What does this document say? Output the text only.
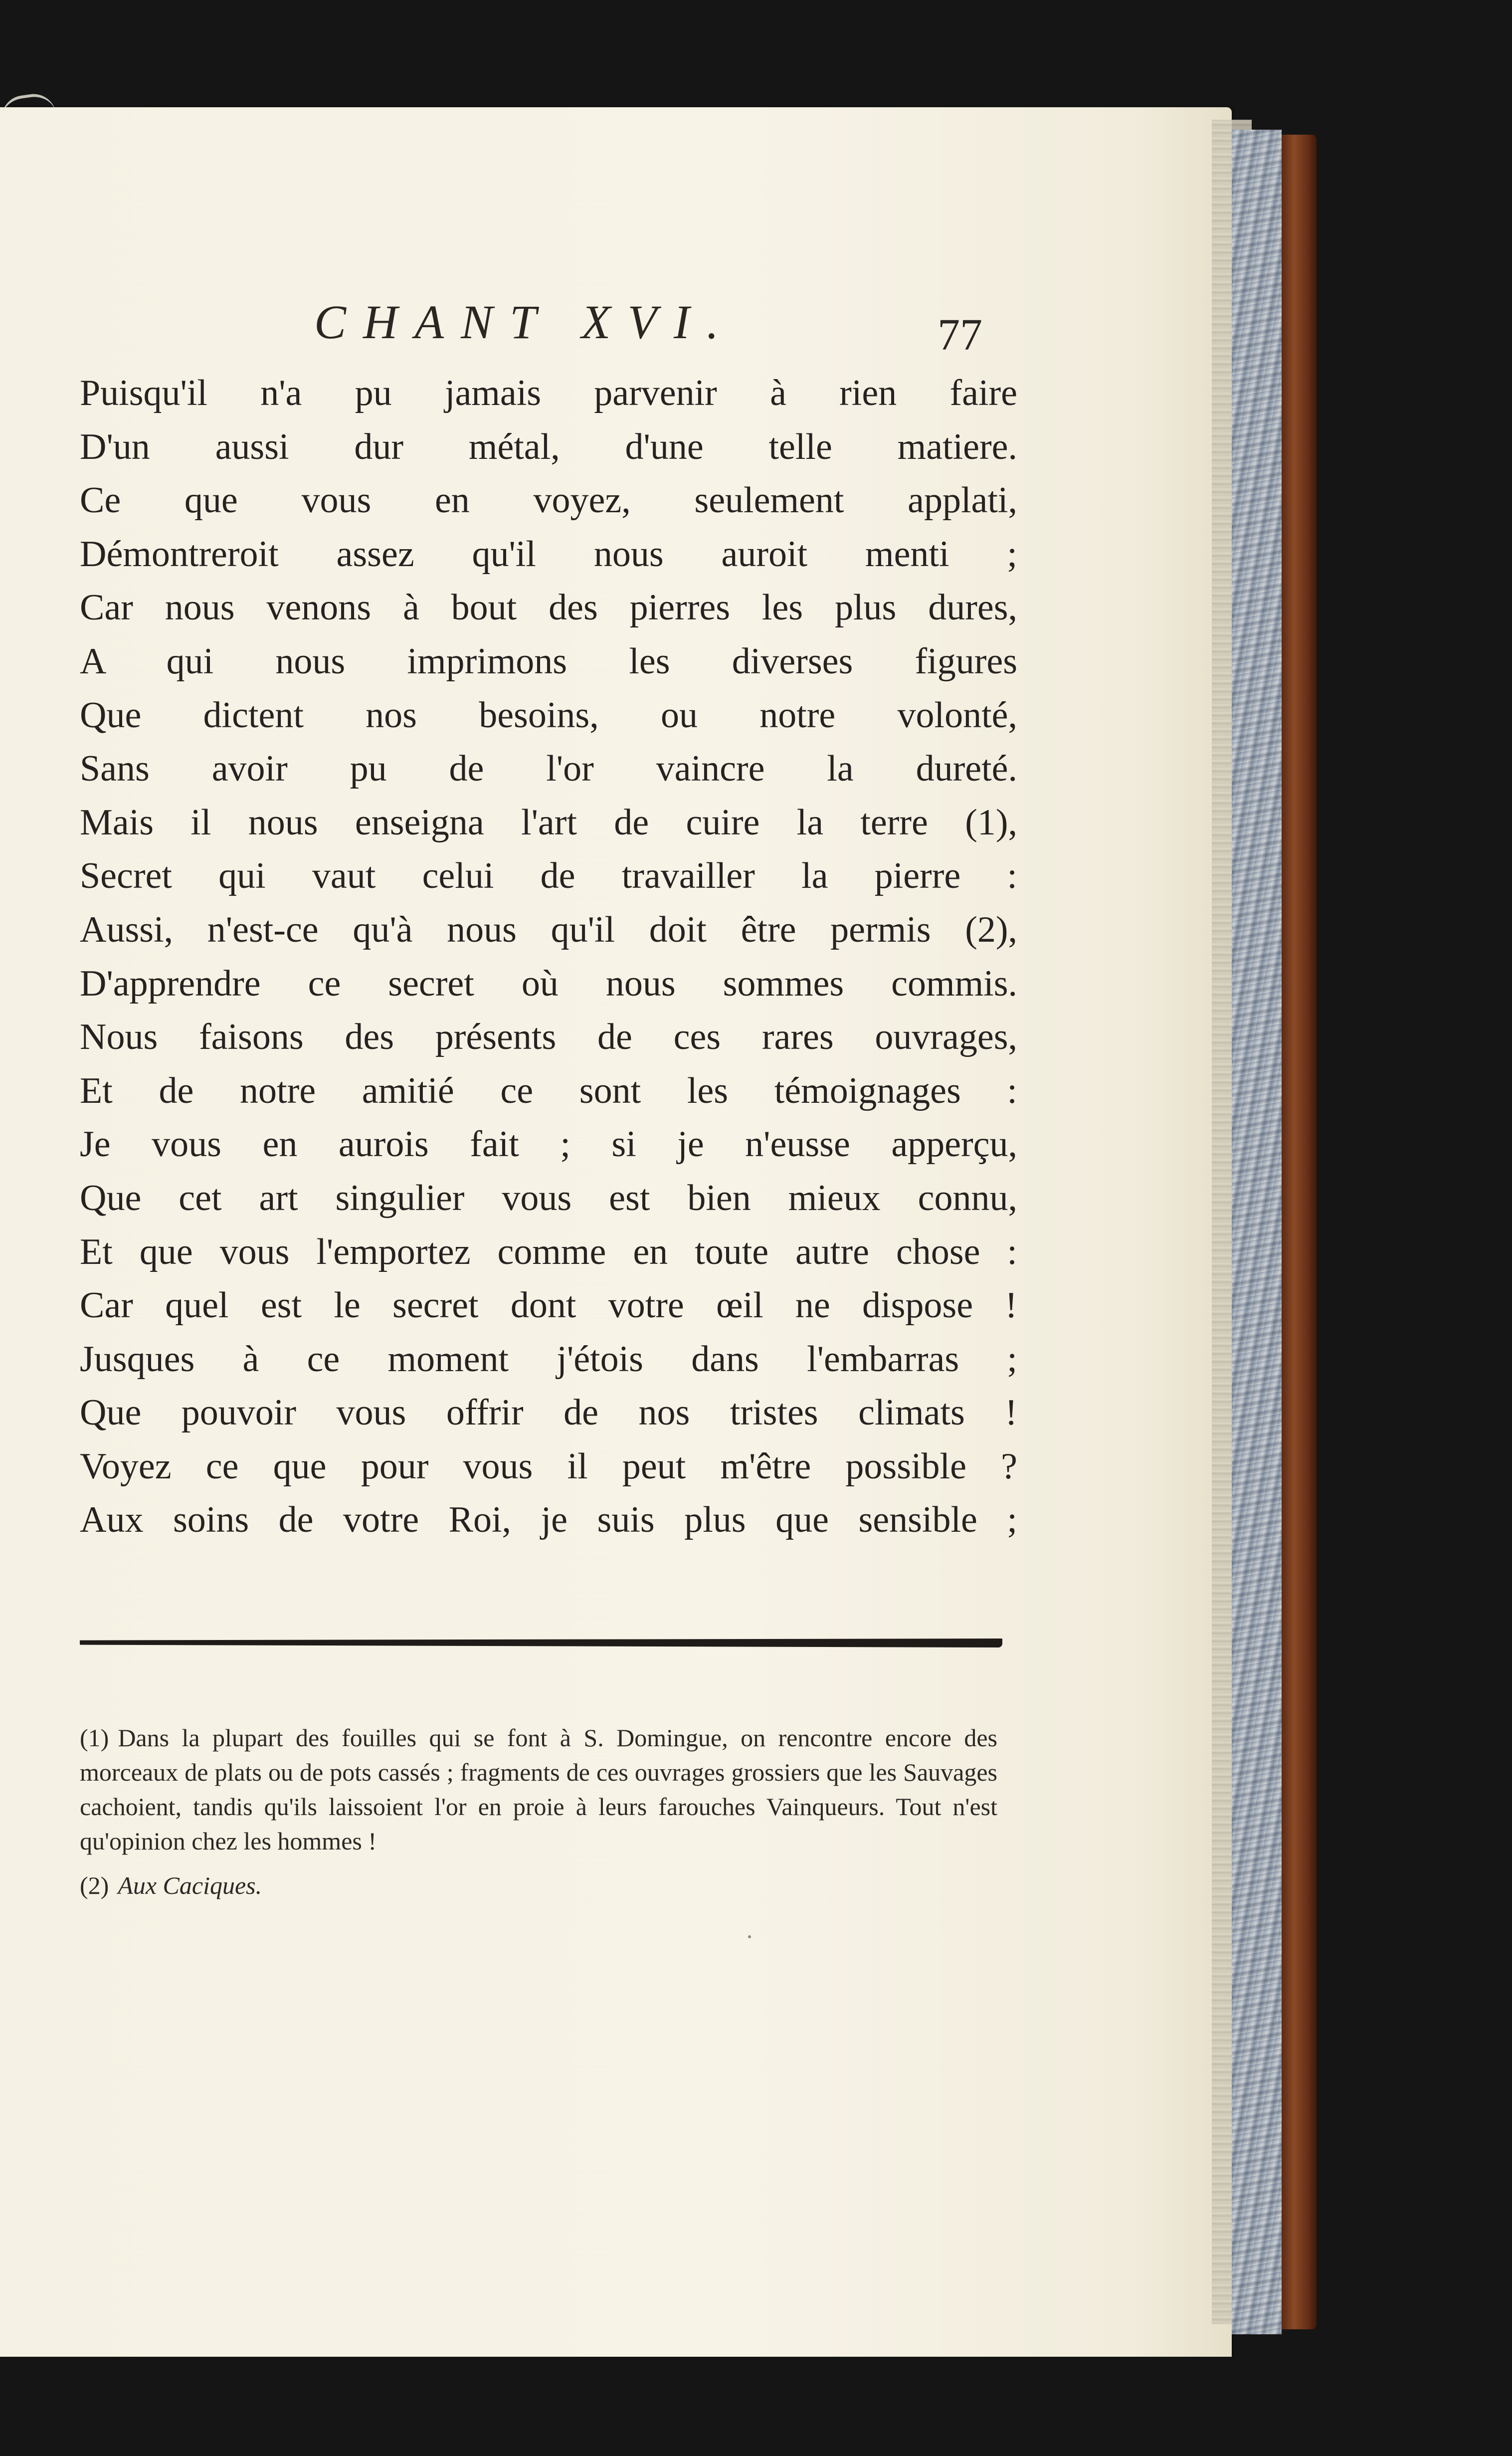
CHANT XVI.	77
Puisqu'il n'a pu jamais parvenir à rien faire
D'un aussi dur métal, d'une telle matiere.
Ce que vous en voyez, seulement applati,
Démontreroit assez qu'il nous auroit menti ;
Car nous venons à bout des pierres les plus dures,
A qui nous imprimons les diverses figures
Que dictent nos besoins, ou notre volonté,
Sans avoir pu de l'or vaincre la dureté.
Mais il nous enseigna l'art de cuire la terre (1),
Secret qui vaut celui de travailler la pierre :
Aussi, n'est-ce qu'à nous qu'il doit être permis (2),
D'apprendre ce secret où nous sommes commis.
Nous faisons des présents de ces rares ouvrages,
Et de notre amitié ce sont les témoignages :
Je vous en aurois fait ; si je n'eusse apperçu,
Que cet art singulier vous est bien mieux connu,
Et que vous l'emportez comme en toute autre chose :
Car quel est le secret dont votre œil ne dispose !
Jusques à ce moment j'étois dans l'embarras ;
Que pouvoir vous offrir de nos tristes climats !
Voyez ce que pour vous il peut m'être possible ?
Aux soins de votre Roi, je suis plus que sensible ;
(1) Dans la plupart des fouilles qui se font à S. Domingue, on rencontre encore des morceaux de plats ou de pots cassés ; fragments de ces ouvrages grossiers que les Sauvages cachoient, tandis qu'ils laissoient l'or en proie à leurs farouches Vainqueurs. Tout n'est qu'opinion chez les hommes !
(2) Aux Caciques.
